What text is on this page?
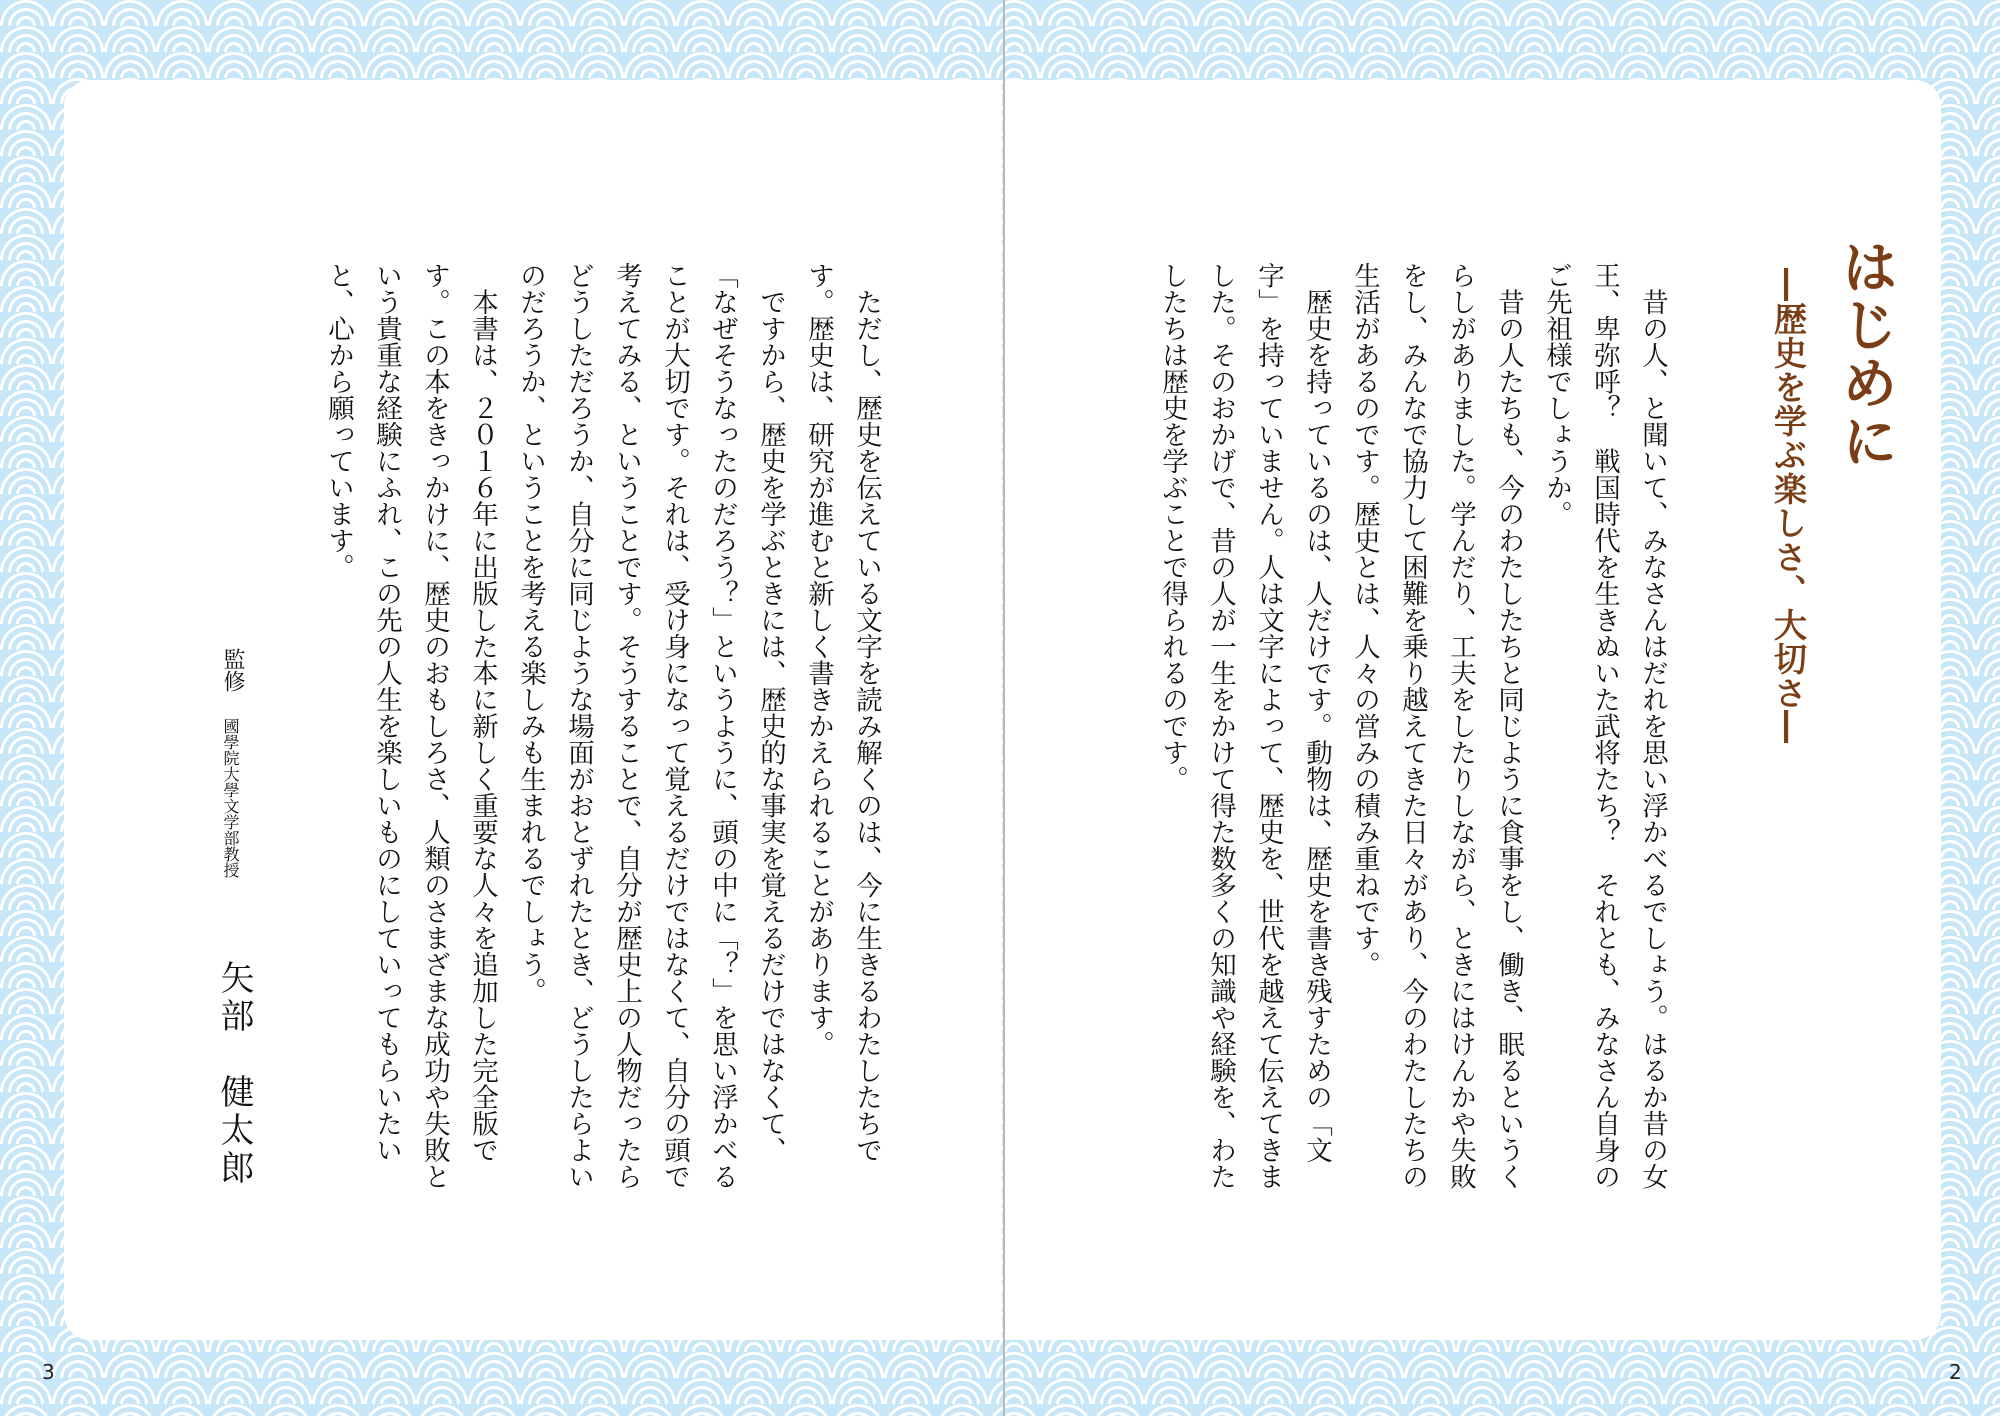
はじめに
―歴史を学ぶ楽しさ、大切さ―
　昔の人、と聞いて、みなさんはだれを思い浮かべるでしょう。はるか昔の女王、卑弥呼？　戦国時代を生きぬいた武将たち？　それとも、みなさん自身のご先祖様でしょうか。
　昔の人たちも、今のわたしたちと同じように食事をし、働き、眠るというくらしがありました。学んだり、工夫をしたりしながら、ときにはけんかや失敗をし、みんなで協力して困難を乗り越えてきた日々があり、今のわたしたちの生活があるのです。歴史とは、人々の営みの積み重ねです。
　歴史を持っているのは、人だけです。動物は、歴史を書き残すための「文字」を持っていません。人は文字によって、歴史を、世代を越えて伝えてきました。そのおかげで、昔の人が一生をかけて得た数多くの知識や経験を、わたしたちは歴史を学ぶことで得られるのです。
2
　ただし、歴史を伝えている文字を読み解くのは、今に生きるわたしたちです。歴史は、研究が進むと新しく書きかえられることがあります。
　ですから、歴史を学ぶときには、歴史的な事実を覚えるだけではなくて、「なぜそうなったのだろう？」というように、頭の中に「？」を思い浮かべることが大切です。それは、受け身になって覚えるだけではなくて、自分の頭で考えてみる、ということです。そうすることで、自分が歴史上の人物だったらどうしただろうか、自分に同じような場面がおとずれたとき、どうしたらよいのだろうか、ということを考える楽しみも生まれるでしょう。
　本書は、２０１６年に出版した本に新しく重要な人々を追加した完全版です。この本をきっかけに、歴史のおもしろさ、人類のさまざまな成功や失敗という貴重な経験にふれ、この先の人生を楽しいものにしていってもらいたいと、心から願っています。
監修
國學院大學文学部教授
矢部　健太郎
3
